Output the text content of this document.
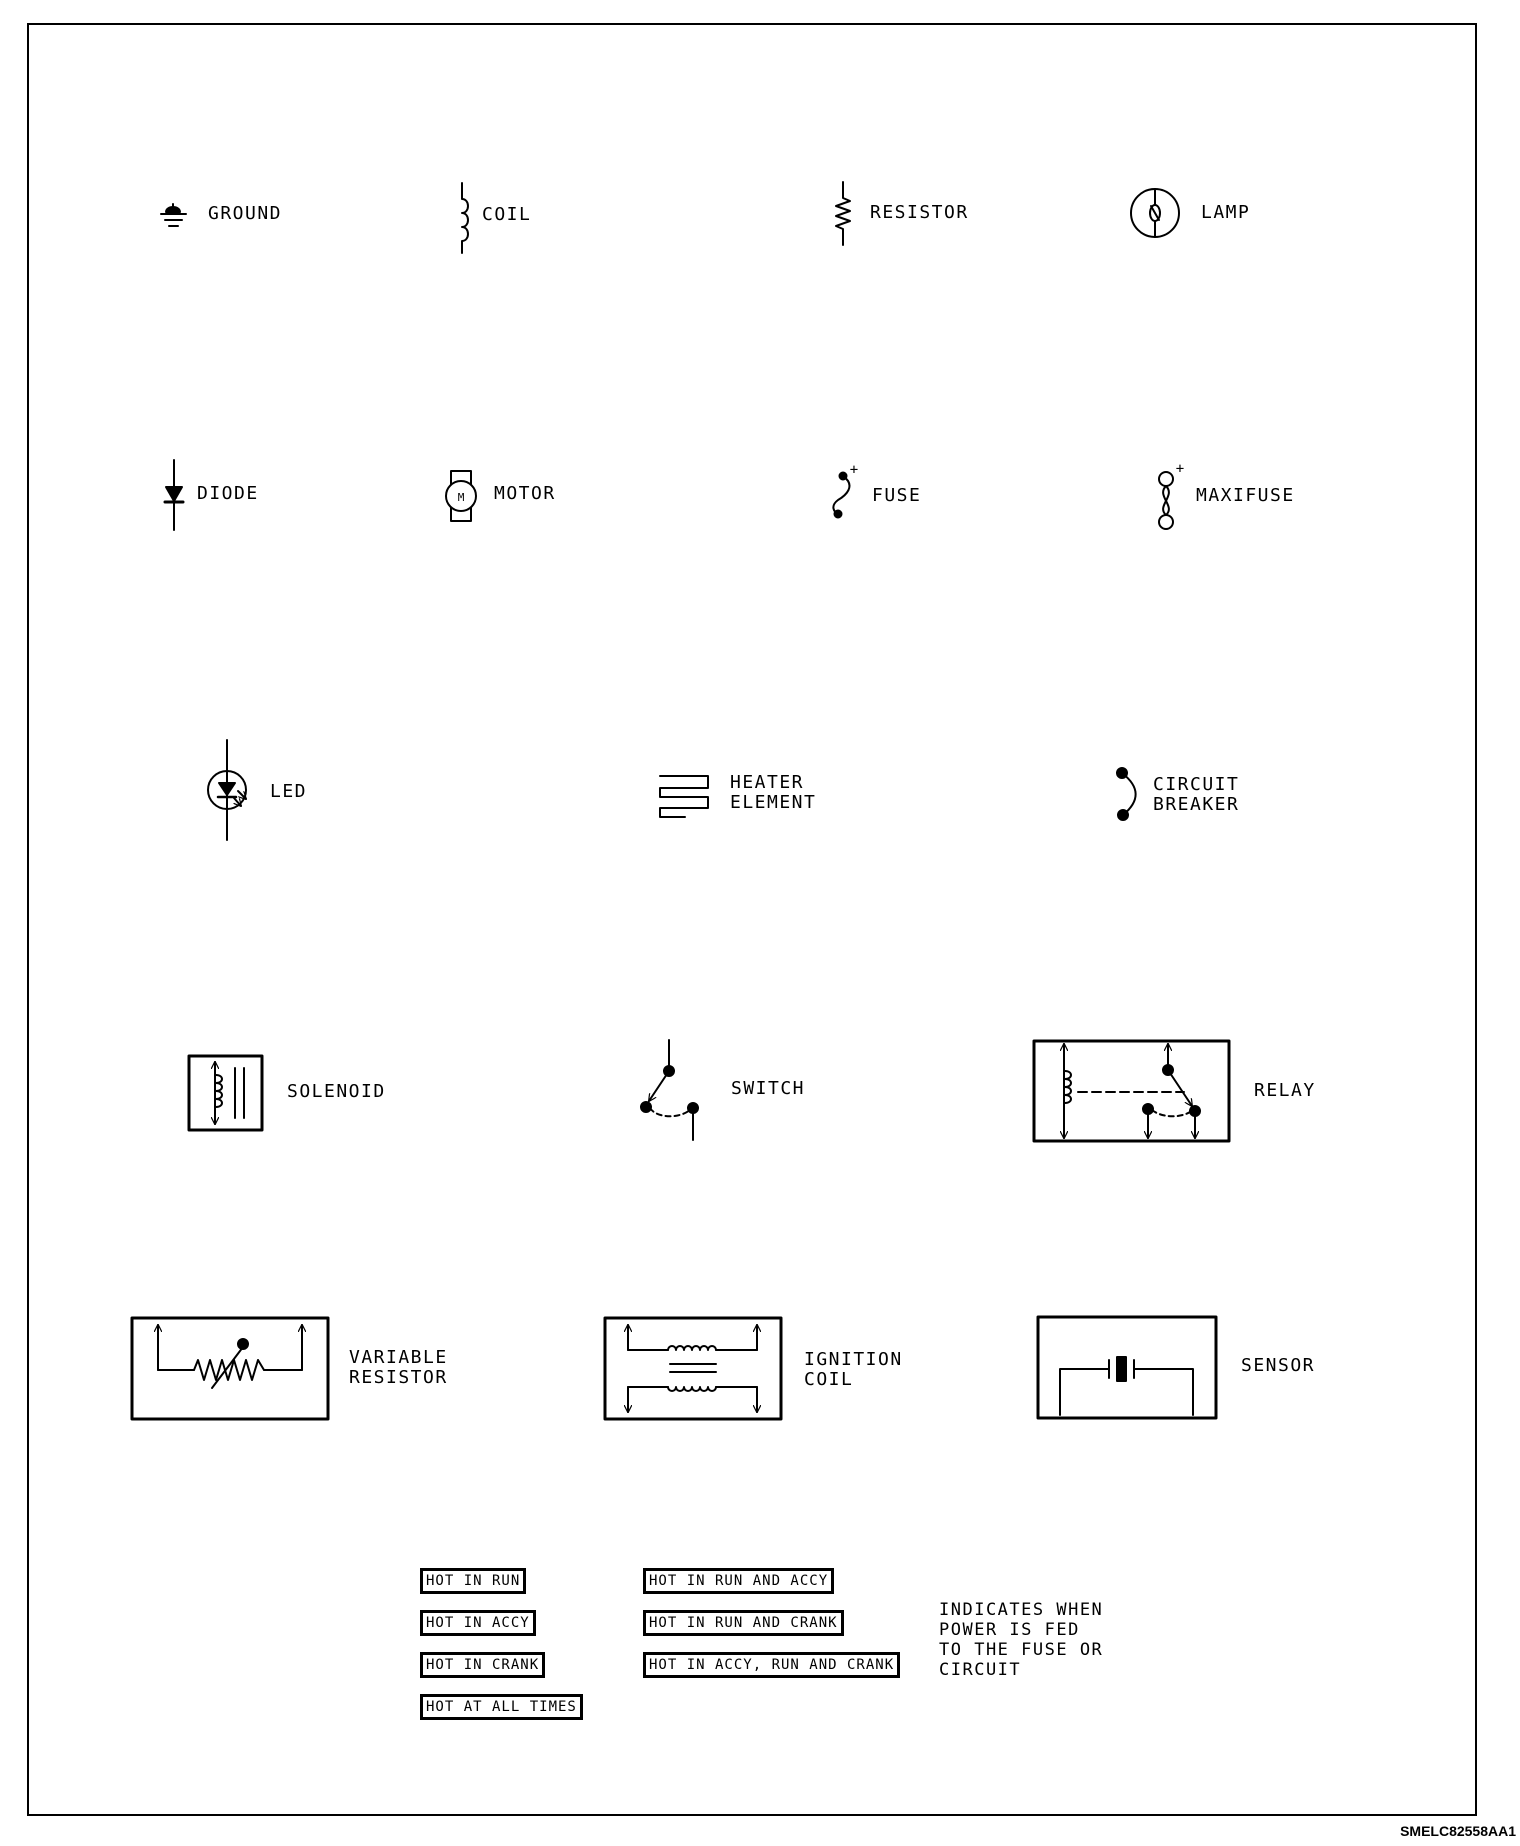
M
+	+
GROUND	COIL	RESISTOR	LAMP
DIODE	MOTOR	FUSE	MAXIFUSE
LED	HEATER
ELEMENT
CIRCUIT
BREAKER
SOLENOID	SWITCH	RELAY
VARIABLE
RESISTOR
IGNITION
COIL
SENSOR
HOT IN RUN
HOT IN ACCY
HOT IN CRANK
HOT AT ALL TIMES
HOT IN RUN AND ACCY
HOT IN RUN AND CRANK
HOT IN ACCY, RUN AND CRANK
INDICATES WHEN
POWER IS FED
TO THE FUSE OR
CIRCUIT
SMELC82558AA1
